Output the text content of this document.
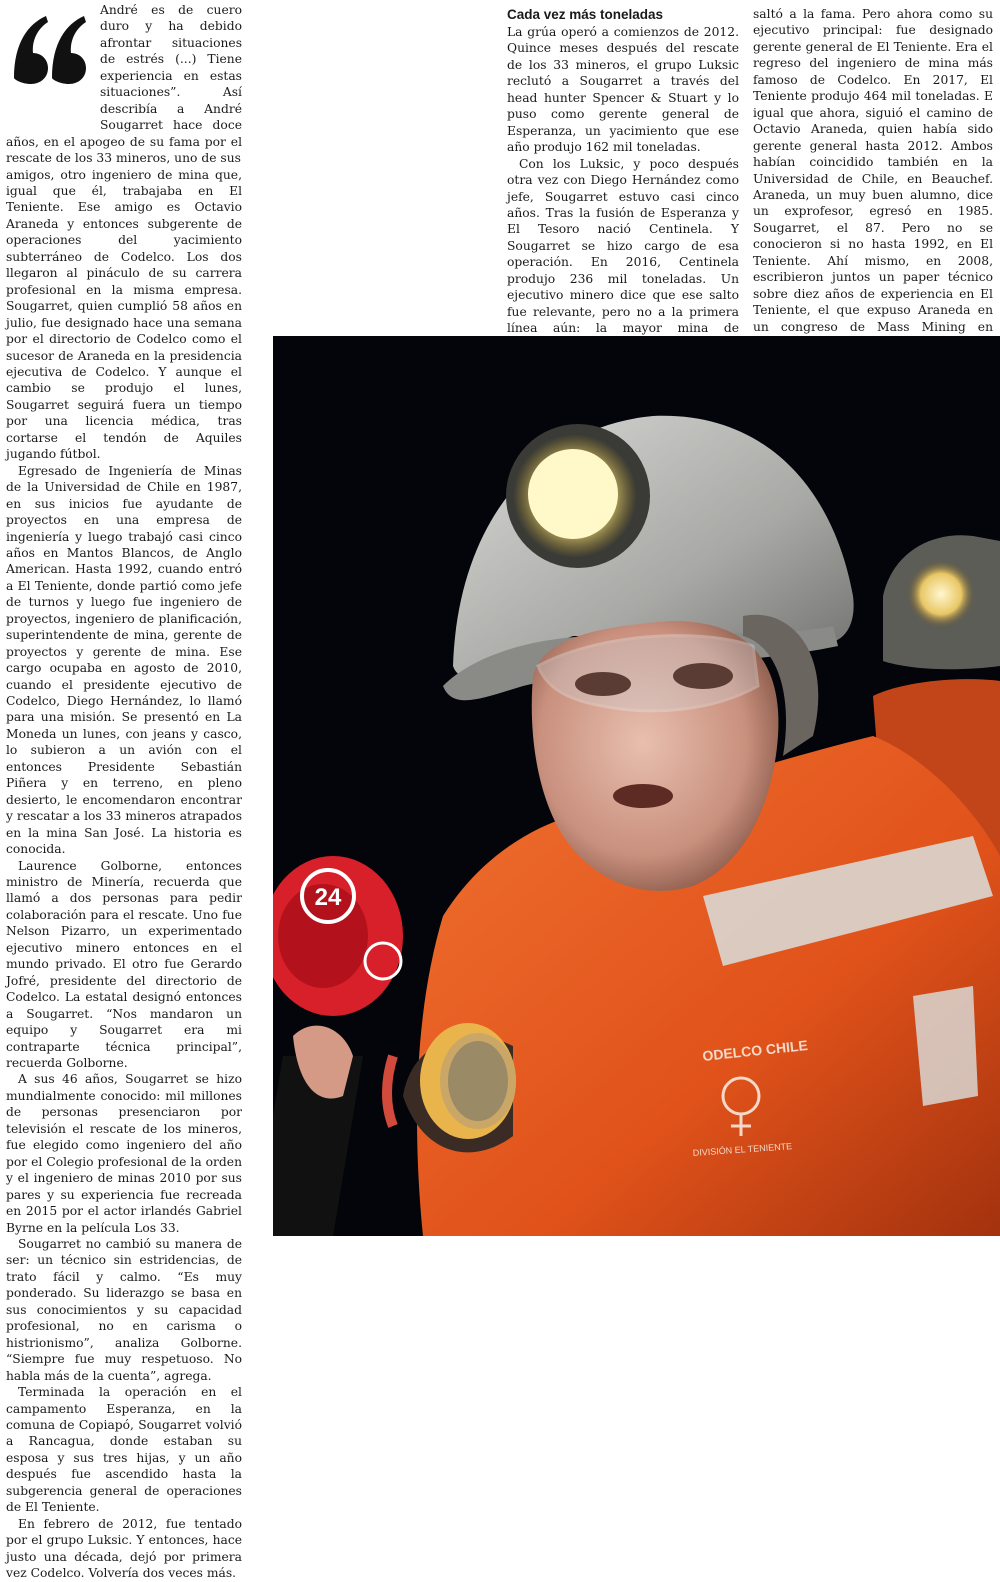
André es de cuero duro y ha debido afrontar situaciones de estrés (...) Tiene experiencia en estas situaciones”. Así describía a André Sougarret hace doce años, en el apogeo de su fama por el rescate de los 33 mineros, uno de sus

amigos, otro ingeniero de mina que, igual que él, trabajaba en El Teniente. Ese amigo es Octavio Araneda y entonces subgerente de operaciones del yacimiento subterráneo de Codelco. Los dos llegaron al pináculo de su carrera profesional en la misma empresa. Sougarret, quien cumplió 58 años en julio, fue designado hace una semana por el directorio de Codelco como el sucesor de Araneda en la presidencia ejecutiva de Codelco. Y aunque el cambio se produjo el lunes, Sougarret seguirá fuera un tiempo por una licencia médica, tras cortarse el tendón de Aquiles jugando fútbol.

Egresado de Ingeniería de Minas de la Universidad de Chile en 1987, en sus inicios fue ayudante de proyectos en una empresa de ingeniería y luego trabajó casi cinco años en Mantos Blancos, de Anglo American. Hasta 1992, cuando entró a El Teniente, donde partió como jefe de turnos y luego fue ingeniero de proyectos, ingeniero de planificación, superintendente de mina, gerente de proyectos y gerente de mina. Ese cargo ocupaba en agosto de 2010, cuando el presidente ejecutivo de Codelco, Diego Hernández, lo llamó para una misión. Se presentó en La Moneda un lunes, con jeans y casco, lo subieron a un avión con el entonces Presidente Sebastián Piñera y en terreno, en pleno desierto, le encomendaron encontrar y rescatar a los 33 mineros atrapados en la mina San José. La historia es conocida.

Laurence Golborne, entonces ministro de Minería, recuerda que llamó a dos personas para pedir colaboración para el rescate. Uno fue Nelson Pizarro, un experimentado ejecutivo minero entonces en el mundo privado. El otro fue Gerardo Jofré, presidente del directorio de Codelco. La estatal designó entonces a Sougarret. “Nos mandaron un equipo y Sougarret era mi contraparte técnica principal”, recuerda Golborne.

A sus 46 años, Sougarret se hizo mundialmente conocido: mil millones de personas presenciaron por televisión el rescate de los mineros, fue elegido como ingeniero del año por el Colegio profesional de la orden y el ingeniero de minas 2010 por sus pares y su experiencia fue recreada en 2015 por el actor irlandés Gabriel Byrne en la película Los 33.

Sougarret no cambió su manera de ser: un técnico sin estridencias, de trato fácil y calmo. “Es muy ponderado. Su liderazgo se basa en sus conocimientos y su capacidad profesional, no en carisma o histrionismo”, analiza Golborne. “Siempre fue muy respetuoso. No habla más de la cuenta”, agrega.

Terminada la operación en el campamento Esperanza, en la comuna de Copiapó, Sougarret volvió a Rancagua, donde estaban su esposa y sus tres hijas, y un año después fue ascendido hasta la subgerencia general de operaciones de El Teniente.

En febrero de 2012, fue tentado por el grupo Luksic. Y entonces, hace justo una década, dejó por primera vez Codelco. Volvería dos veces más.

Cada vez más toneladas

La grúa operó a comienzos de 2012. Quince meses después del rescate de los 33 mineros, el grupo Luksic reclutó a Sougarret a través del head hunter Spencer & Stuart y lo puso como gerente general de Esperanza, un yacimiento que ese año produjo 162 mil toneladas.

Con los Luksic, y poco después otra vez con Diego Hernández como jefe, Sougarret estuvo casi cinco años. Tras la fusión de Esperanza y El Tesoro nació Centinela. Y Sougarret se hizo cargo de esa operación. En 2016, Centinela produjo 236 mil toneladas. Un ejecutivo minero dice que ese salto fue relevante, pero no a la primera línea aún: la mayor mina de

saltó a la fama. Pero ahora como su ejecutivo principal: fue designado gerente general de El Teniente. Era el regreso del ingeniero de mina más famoso de Codelco. En 2017, El Teniente produjo 464 mil toneladas. E igual que ahora, siguió el camino de Octavio Araneda, quien había sido gerente general hasta 2012. Ambos habían coincidido también en la Universidad de Chile, en Beauchef. Araneda, un muy buen alumno, dice un exprofesor, egresó en 1985. Sougarret, el 87. Pero no se conocieron si no hasta 1992, en El Teniente. Ahí mismo, en 2008, escribieron juntos un paper técnico sobre diez años de experiencia en El Teniente, el que expuso Araneda en un congreso de Mass Mining en

24
ODELCO CHILE
DIVISIÓN EL TENIENTE
